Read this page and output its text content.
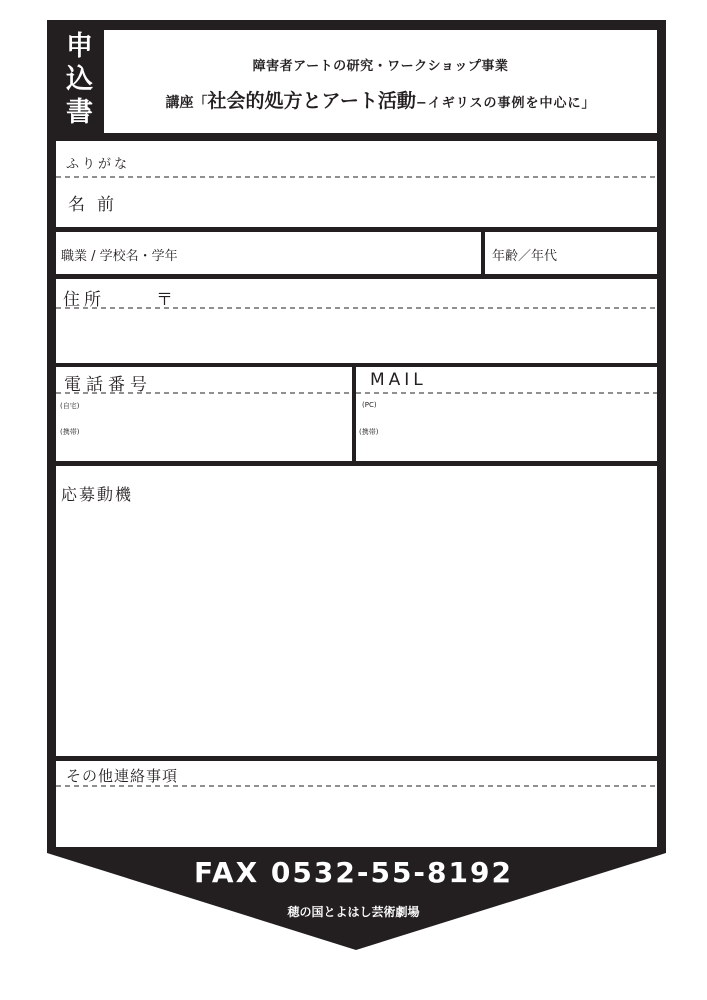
申
込
書
障害者アートの研究・ワークショップ事業
講座「社会的処方とアート活動−イギリスの事例を中心に」
ふりがな
名前
職業 / 学校名・学年	年齢／年代
住所	〒
電話番号
(自宅)
(携帯)
MAIL
(PC)
(携帯)
応募動機
その他連絡事項
FAX 0532-55-8192
穂の国とよはし芸術劇場
